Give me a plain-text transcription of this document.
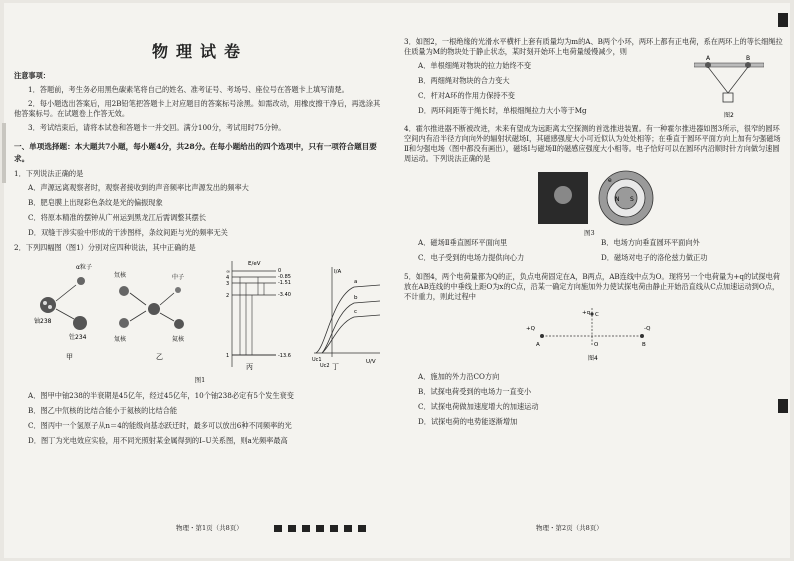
物理试卷
注意事项：
1．答题前，考生务必用黑色碳素笔将自己的姓名、准考证号、考场号、座位号在答题卡上填写清楚。
2．每小题选出答案后，用2B铅笔把答题卡上对应题目的答案标号涂黑。如需改动，用橡皮擦干净后，再选涂其他答案标号。在试题卷上作答无效。
3．考试结束后，请将本试卷和答题卡一并交回。满分100分，考试用时75分钟。
一、单项选择题：本大题共7小题，每小题4分，共28分。在每小题给出的四个选项中，只有一项符合题目要求。
1．下列说法正确的是
A．声源远离观察者时，观察者接收到的声音频率比声源发出的频率大
B．肥皂膜上出现彩色条纹是光的偏振现象
C．将原本精准的摆钟从广州运到黑龙江后需调整其摆长
D．双缝干涉实验中形成的干涉图样，条纹间距与光的频率无关
2．下列四幅图（图1）分别对应四种说法，其中正确的是
铀238
α粒子
钍234
甲
氘核
氚核
中子
氦核
乙
E/eV
∞
4
3
2
1
0
-0.85
-1.51
-3.40
-13.6
丙
I/A
U/V
a
b
c
Uc1
Uc2 丁
图1
A．图甲中铀238的半衰期是45亿年，经过45亿年，10个铀238必定有5个发生衰变
B．图乙中氘核的比结合能小于氦核的比结合能
C．图丙中一个氢原子从n＝4的能级向基态跃迁时，最多可以放出6种不同频率的光
D．图丁为光电效应实验，用不同光照射某金属得到的I–U关系图，则a光频率最高
物理・第1页（共8页）
3．如图2，一根绝缘的光滑水平横杆上套有质量均为m的A、B两个小环，两环上都有正电荷，系在两环上的等长细绳拉住质量为M的物块处于静止状态，某时刻开始环上电荷量缓慢减少，则
A．单根细绳对物块的拉力始终不变
B．两细绳对物块的合力变大
C．杆对A环的作用力保持不变
D．两环间距等于绳长时，单根细绳拉力大小等于Mg
A	B
图2
4．霍尔推进器不断被改进，未来有望成为远距离太空探测的首选推进装置。有一种霍尔推进器如图3所示，很窄的圆环空间内有沿半径方向向外的辐射状磁场Ⅰ，其磁感强度大小可近似认为处处相等；在垂直于圆环平面方向上加有匀强磁场Ⅱ和匀强电场（图中都没有画出），磁场Ⅰ与磁场Ⅱ的磁感应强度大小相等。电子恰好可以在圆环内沿顺时针方向做匀速圆周运动。下列说法正确的是
N S
e
图3
A．磁场Ⅱ垂直圆环平面向里	B．电场方向垂直圆环平面向外
C．电子受到的电场力提供向心力	D．磁场对电子的洛伦兹力做正功
5．如图4，两个电荷量都为Q的正，负点电荷固定在A，B两点，AB连线中点为O。现将另一个电荷量为+q的试探电荷放在AB连线的中垂线上距O为x的C点，沿某一确定方向施加外力使试探电荷由静止开始沿直线从C点加速运动到O点，不计重力，则此过程中
+Q	-Q
A	B
O
+q C
图4
A．施加的外力沿CO方向
B．试探电荷受到的电场力一直变小
C．试探电荷做加速度增大的加速运动
D．试探电荷的电势能逐渐增加
物理・第2页（共8页）
